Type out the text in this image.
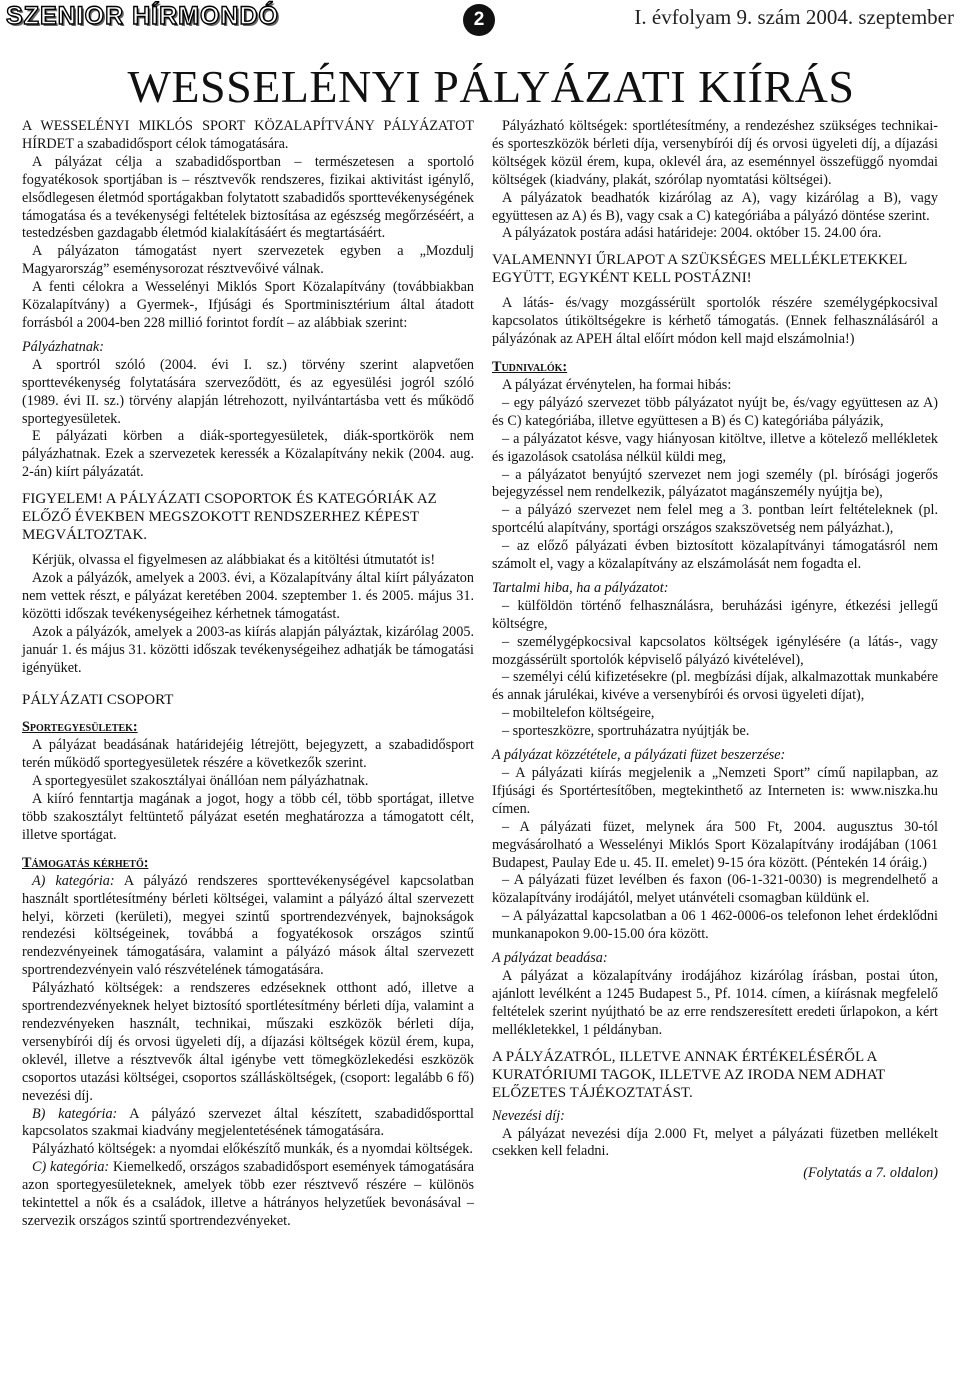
SZENIOR HÍRMONDÓ	2	I. évfolyam 9. szám 2004. szeptember
WESSELÉNYI PÁLYÁZATI KIÍRÁS

A WESSELÉNYI MIKLÓS SPORT KÖZALAPÍTVÁNY PÁLYÁZATOT HÍRDET a szabadidősport célok támogatására.

A pályázat célja a szabadidősportban – természetesen a sportoló fogyatékosok sportjában is – résztvevők rendszeres, fizikai aktivitást igénylő, elsődlegesen életmód sportágakban folytatott szabadidős sporttevékenységének támogatása és a tevékenységi feltételek biztosítása az egészség megőrzéséért, a testedzésben gazdagabb életmód kialakításáért és megtartásáért.

A pályázaton támogatást nyert szervezetek egyben a „Mozdulj Magyarország” eseménysorozat résztvevőivé válnak.

A fenti célokra a Wesselényi Miklós Sport Közalapítvány (továbbiakban Közalapítvány) a Gyermek-, Ifjúsági és Sportminisztérium által átadott forrásból a 2004-ben 228 millió forintot fordít – az alábbiak szerint:

Pályázhatnak:

A sportról szóló (2004. évi I. sz.) törvény szerint alapvetően sporttevékenység folytatására szerveződött, és az egyesülési jogról szóló (1989. évi II. sz.) törvény alapján létrehozott, nyilvántartásba vett és működő sportegyesületek.

E pályázati körben a diák-sportegyesületek, diák-sportkörök nem pályázhatnak. Ezek a szervezetek keressék a Közalapítvány nekik (2004. aug. 2-án) kiírt pályázatát.

FIGYELEM! A PÁLYÁZATI CSOPORTOK ÉS KATEGÓRIÁK AZ ELŐZŐ ÉVEKBEN MEGSZOKOTT RENDSZERHEZ KÉPEST MEGVÁLTOZTAK.

Kérjük, olvassa el figyelmesen az alábbiakat és a kitöltési útmutatót is!

Azok a pályázók, amelyek a 2003. évi, a Közalapítvány által kiírt pályázaton nem vettek részt, e pályázat keretében 2004. szeptember 1. és 2005. május 31. közötti időszak tevékenységeihez kérhetnek támogatást.

Azok a pályázók, amelyek a 2003-as kiírás alapján pályáztak, kizárólag 2005. január 1. és május 31. közötti időszak tevékenységeihez adhatják be támogatási igényüket.

PÁLYÁZATI CSOPORT

Sportegyesületek:

A pályázat beadásának határidejéig létrejött, bejegyzett, a szabadidősport terén működő sportegyesületek részére a következők szerint.

A sportegyesület szakosztályai önállóan nem pályázhatnak.

A kiíró fenntartja magának a jogot, hogy a több cél, több sportágat, illetve több szakosztályt feltüntető pályázat esetén meghatározza a támogatott célt, illetve sportágat.

Támogatás kérhető:

A) kategória: A pályázó rendszeres sporttevékenységével kapcsolatban használt sportlétesítmény bérleti költségei, valamint a pályázó által szervezett helyi, körzeti (kerületi), megyei szintű sportrendezvények, bajnokságok rendezési költségeinek, továbbá a fogyatékosok országos szintű rendezvényeinek támogatására, valamint a pályázó mások által szervezett sportrendezvényein való részvételének támogatására.

Pályázható költségek: a rendszeres edzéseknek otthont adó, illetve a sportrendezvényeknek helyet biztosító sportlétesítmény bérleti díja, valamint a rendezvényeken használt, technikai, műszaki eszközök bérleti díja, versenybírói díj és orvosi ügyeleti díj, a díjazási költségek közül érem, kupa, oklevél, illetve a résztvevők által igénybe vett tömegközlekedési eszközök csoportos utazási költségei, csoportos szállásköltségek, (csoport: legalább 6 fő) nevezési díj.

B) kategória: A pályázó szervezet által készített, szabadidősporttal kapcsolatos szakmai kiadvány megjelentetésének támogatására.

Pályázható költségek: a nyomdai előkészítő munkák, és a nyomdai költségek.

C) kategória: Kiemelkedő, országos szabadidősport események támogatására azon sportegyesületeknek, amelyek több ezer résztvevő részére – különös tekintettel a nők és a családok, illetve a hátrányos helyzetűek bevonásával – szervezik országos szintű sportrendezvényeket.

Pályázható költségek: sportlétesítmény, a rendezéshez szükséges technikai- és sporteszközök bérleti díja, versenybírói díj és orvosi ügyeleti díj, a díjazási költségek közül érem, kupa, oklevél ára, az eseménnyel összefüggő nyomdai költségek (kiadvány, plakát, szórólap nyomtatási költségei).

A pályázatok beadhatók kizárólag az A), vagy kizárólag a B), vagy együttesen az A) és B), vagy csak a C) kategóriába a pályázó döntése szerint.

A pályázatok postára adási határideje: 2004. október 15. 24.00 óra.

VALAMENNYI ŰRLAPOT A SZÜKSÉGES MELLÉKLETEKKEL EGYÜTT, EGYKÉNT KELL POSTÁZNI!

A látás- és/vagy mozgássérült sportolók részére személygépkocsival kapcsolatos útiköltségekre is kérhető támogatás. (Ennek felhasználásáról a pályázónak az APEH által előírt módon kell majd elszámolnia!)

Tudnivalók:

A pályázat érvénytelen, ha formai hibás:

– egy pályázó szervezet több pályázatot nyújt be, és/vagy együttesen az A) és C) kategóriába, illetve együttesen a B) és C) kategóriába pályázik,

– a pályázatot késve, vagy hiányosan kitöltve, illetve a kötelező mellékletek és igazolások csatolása nélkül küldi meg,

– a pályázatot benyújtó szervezet nem jogi személy (pl. bírósági jogerős bejegyzéssel nem rendelkezik, pályázatot magánszemély nyújtja be),

– a pályázó szervezet nem felel meg a 3. pontban leírt feltételeknek (pl. sportcélú alapítvány, sportági országos szakszövetség nem pályázhat.),

– az előző pályázati évben biztosított közalapítványi támogatásról nem számolt el, vagy a közalapítvány az elszámolását nem fogadta el.

Tartalmi hiba, ha a pályázatot:

– külföldön történő felhasználásra, beruházási igényre, étkezési jellegű költségre,

– személygépkocsival kapcsolatos költségek igénylésére (a látás-, vagy mozgássérült sportolók képviselő pályázó kivételével),

– személyi célú kifizetésekre (pl. megbízási díjak, alkalmazottak munkabére és annak járulékai, kivéve a versenybírói és orvosi ügyeleti díjat),

– mobiltelefon költségeire,

– sporteszközre, sportruházatra nyújtják be.

A pályázat közzététele, a pályázati füzet beszerzése:

– A pályázati kiírás megjelenik a „Nemzeti Sport” című napilapban, az Ifjúsági és Sportértesítőben, megtekinthető az Interneten is: www.niszka.hu címen.

– A pályázati füzet, melynek ára 500 Ft, 2004. augusztus 30-tól megvásárolható a Wesselényi Miklós Sport Közalapítvány irodájában (1061 Budapest, Paulay Ede u. 45. II. emelet) 9-15 óra között. (Péntekén 14 óráig.)

– A pályázati füzet levélben és faxon (06-1-321-0030) is megrendelhető a közalapítvány irodájától, melyet utánvételi csomagban küldünk el.

– A pályázattal kapcsolatban a 06 1 462-0006-os telefonon lehet érdeklődni munkanapokon 9.00-15.00 óra között.

A pályázat beadása:

A pályázat a közalapítvány irodájához kizárólag írásban, postai úton, ajánlott levélként a 1245 Budapest 5., Pf. 1014. címen, a kiírásnak megfelelő feltételek szerint nyújtható be az erre rendszeresített eredeti űrlapokon, a kért mellékletekkel, 1 példányban.

A PÁLYÁZATRÓL, ILLETVE ANNAK ÉRTÉKELÉSÉRŐL A KURATÓRIUMI TAGOK, ILLETVE AZ IRODA NEM ADHAT ELŐZETES TÁJÉKOZTATÁST.

Nevezési díj:

A pályázat nevezési díja 2.000 Ft, melyet a pályázati füzetben mellékelt csekken kell feladni.

(Folytatás a 7. oldalon)
